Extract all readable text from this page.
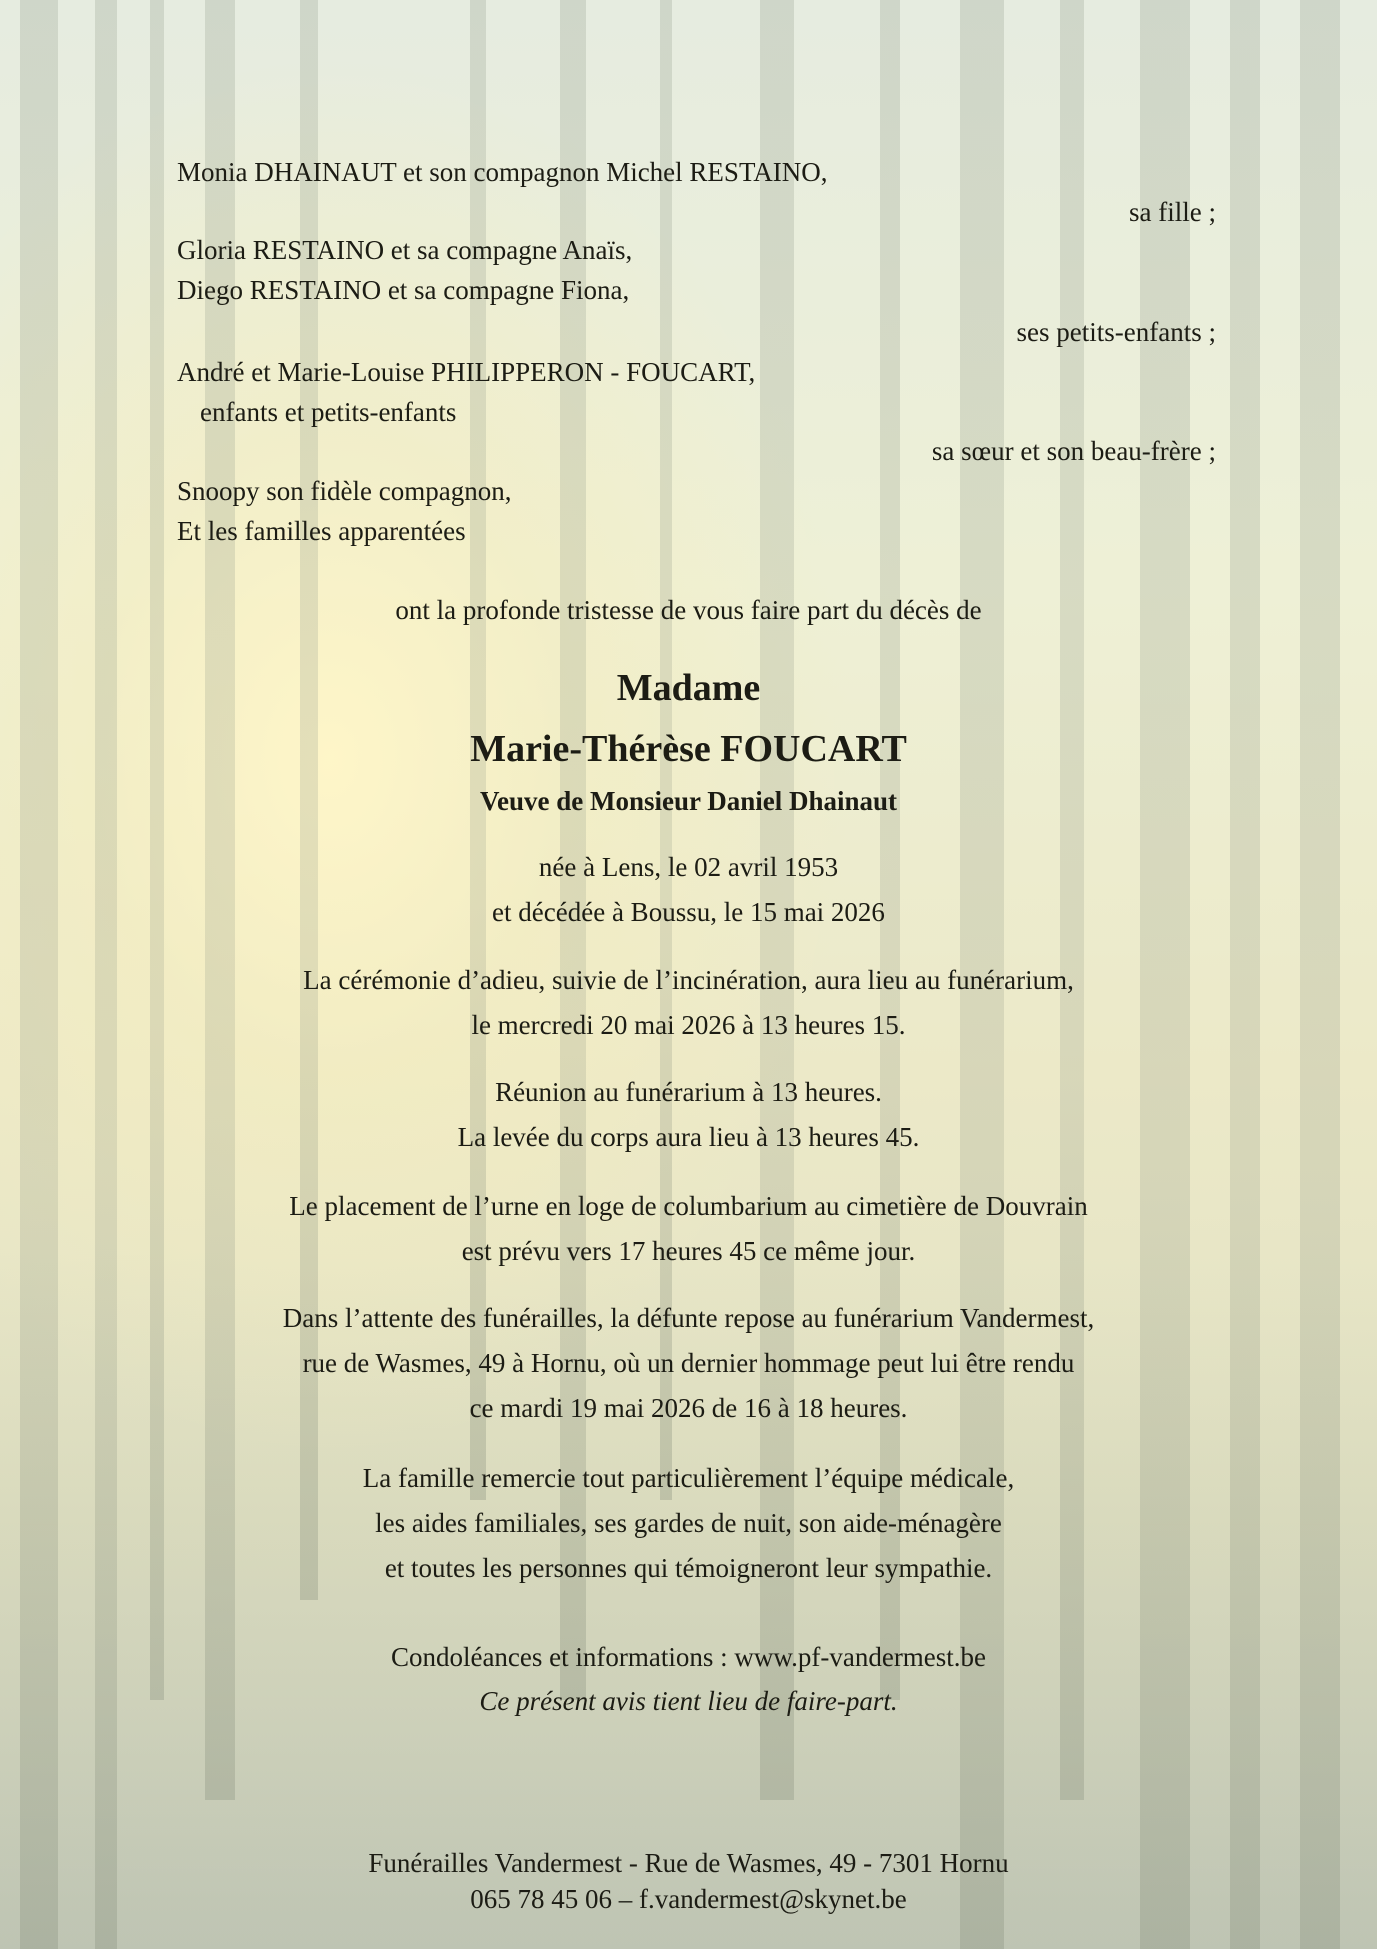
Monia DHAINAUT et son compagnon Michel RESTAINO,
sa fille ;
Gloria RESTAINO et sa compagne Anaïs,
Diego RESTAINO et sa compagne Fiona,
ses petits-enfants ;
André et Marie-Louise PHILIPPERON - FOUCART,
enfants et petits-enfants
sa sœur et son beau-frère ;
Snoopy son fidèle compagnon,
Et les familles apparentées
ont la profonde tristesse de vous faire part du décès de
Madame
Marie-Thérèse FOUCART
Veuve de Monsieur Daniel Dhainaut
née à Lens, le 02 avril 1953
et décédée à Boussu, le 15 mai 2026
La cérémonie d’adieu, suivie de l’incinération, aura lieu au funérarium,
le mercredi 20 mai 2026 à 13 heures 15.
Réunion au funérarium à 13 heures.
La levée du corps aura lieu à 13 heures 45.
Le placement de l’urne en loge de columbarium au cimetière de Douvrain
est prévu vers 17 heures 45 ce même jour.
Dans l’attente des funérailles, la défunte repose au funérarium Vandermest,
rue de Wasmes, 49 à Hornu, où un dernier hommage peut lui être rendu
ce mardi 19 mai 2026 de 16 à 18 heures.
La famille remercie tout particulièrement l’équipe médicale,
les aides familiales, ses gardes de nuit, son aide-ménagère
et toutes les personnes qui témoigneront leur sympathie.
Condoléances et informations : www.pf-vandermest.be
Ce présent avis tient lieu de faire-part.
Funérailles Vandermest - Rue de Wasmes, 49 - 7301 Hornu
065 78 45 06 – f.vandermest@skynet.be
